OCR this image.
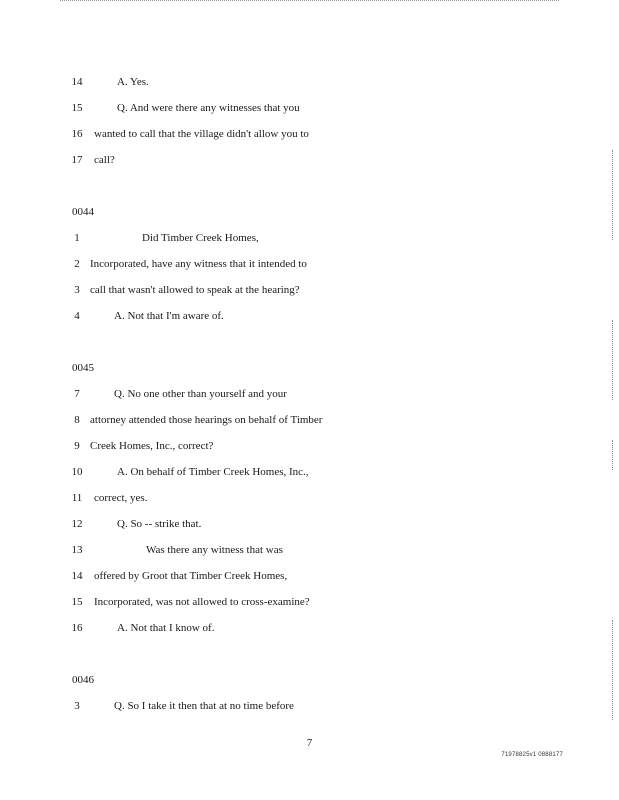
14	A. Yes.
15	Q. And were there any witnesses that you
16	wanted to call that the village didn't allow you to
17	call?
0044
1	Did Timber Creek Homes,
2 Incorporated, have any witness that it intended to
3 call that wasn't allowed to speak at the hearing?
4	A. Not that I'm aware of.
0045
7	Q. No one other than yourself and your
8 attorney attended those hearings on behalf of Timber
9 Creek Homes, Inc., correct?
10	A. On behalf of Timber Creek Homes, Inc.,
11	correct, yes.
12	Q. So -- strike that.
13	Was there any witness that was
14	offered by Groot that Timber Creek Homes,
15	Incorporated, was not allowed to cross-examine?
16	A. Not that I know of.
0046
3	Q. So I take it then that at no time before
7
71978825v1 0888177
